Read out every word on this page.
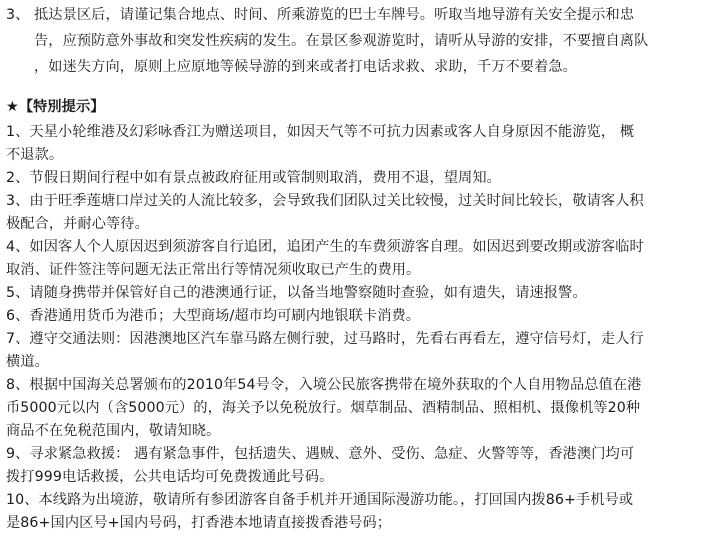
3、 抵达景区后，请谨记集合地点、时间、所乘游览的巴士车牌号。听取当地导游有关安全提示和忠
告，应预防意外事故和突发性疾病的发生。在景区参观游览时，请听从导游的安排，不要擅自离队
，如迷失方向，原则上应原地等候导游的到来或者打电话求救、求助，千万不要着急。
★【特別提示】
1、天星小轮维港及幻彩咏香江为赠送项目，如因天气等不可抗力因素或客人自身原因不能游览， 概
不退款。
2、节假日期间行程中如有景点被政府征用或管制则取消，费用不退，望周知。
3、由于旺季莲塘口岸过关的人流比较多，会导致我们团队过关比较慢，过关时间比较长，敬请客人积
极配合，并耐心等待。
4、如因客人个人原因迟到须游客自行追团，追团产生的车费须游客自理。如因迟到要改期或游客临时
取消、证件签注等问题无法正常出行等情况须收取已产生的费用。
5、请随身携带并保管好自己的港澳通行证，以备当地警察随时查验，如有遗失，请速报警。
6、香港通用货币为港币；大型商场/超市均可刷内地银联卡消费。
7、遵守交通法则：因港澳地区汽车靠马路左侧行驶，过马路时，先看右再看左，遵守信号灯，走人行
横道。
8、根据中国海关总署颁布的2010年54号令，入境公民旅客携带在境外获取的个人自用物品总值在港
币5000元以内（含5000元）的，海关予以免税放行。烟草制品、酒精制品、照相机、摄像机等20种
商品不在免税范围内，敬请知晓。
9、寻求紧急救援： 遇有紧急事件，包括遗失、遇贼、意外、受伤、急症、火警等等，香港澳门均可
拨打999电话救援，公共电话均可免费拨通此号码。
10、本线路为出境游，敬请所有参团游客自备手机并开通国际漫游功能。，打回国内拨86+手机号或
是86+国内区号+国内号码，打香港本地请直接拨香港号码；
